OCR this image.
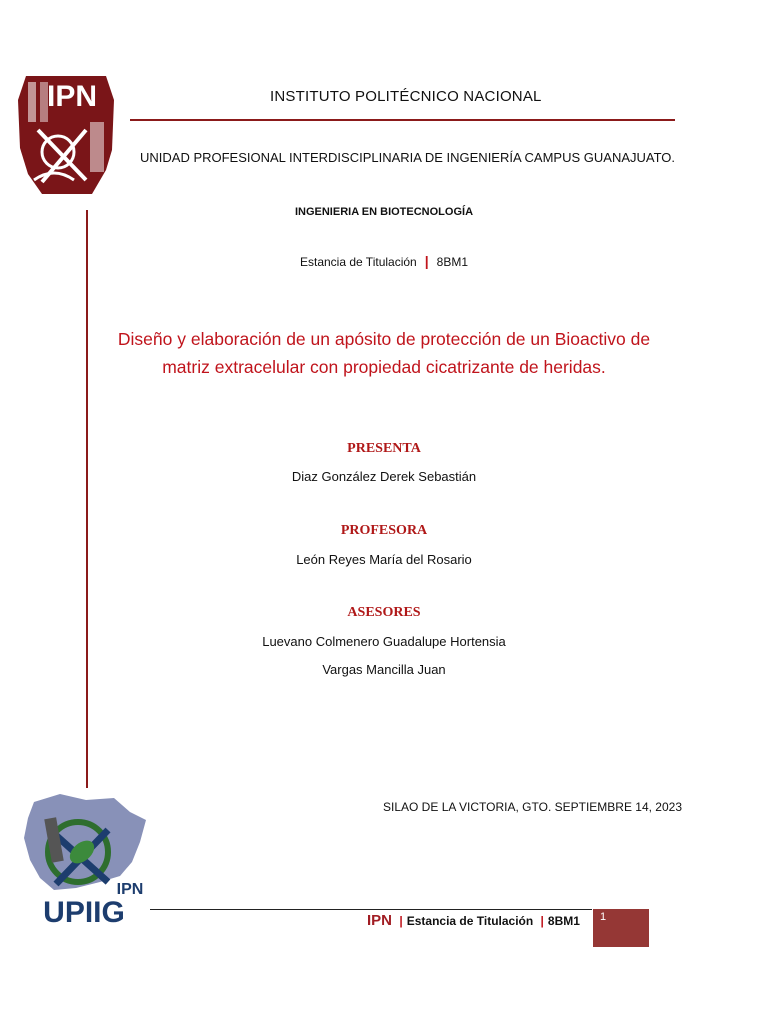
IPN	INSTITUTO POLITÉCNICO NACIONAL
UNIDAD PROFESIONAL INTERDISCIPLINARIA DE INGENIERÍA CAMPUS GUANAJUATO.
INGENIERIA EN BIOTECNOLOGÍA
Estancia de Titulación | 8BM1
Diseño y elaboración de un apósito de protección de un Bioactivo de
matriz extracelular con propiedad cicatrizante de heridas.
PRESENTA
Diaz González Derek Sebastián
PROFESORA
León Reyes María del Rosario
ASESORES
Luevano Colmenero Guadalupe Hortensia
Vargas Mancilla Juan
SILAO DE LA VICTORIA, GTO. SEPTIEMBRE 14, 2023
IPN
UPIIG	IPN | Estancia de Titulación | 8BM1 1
